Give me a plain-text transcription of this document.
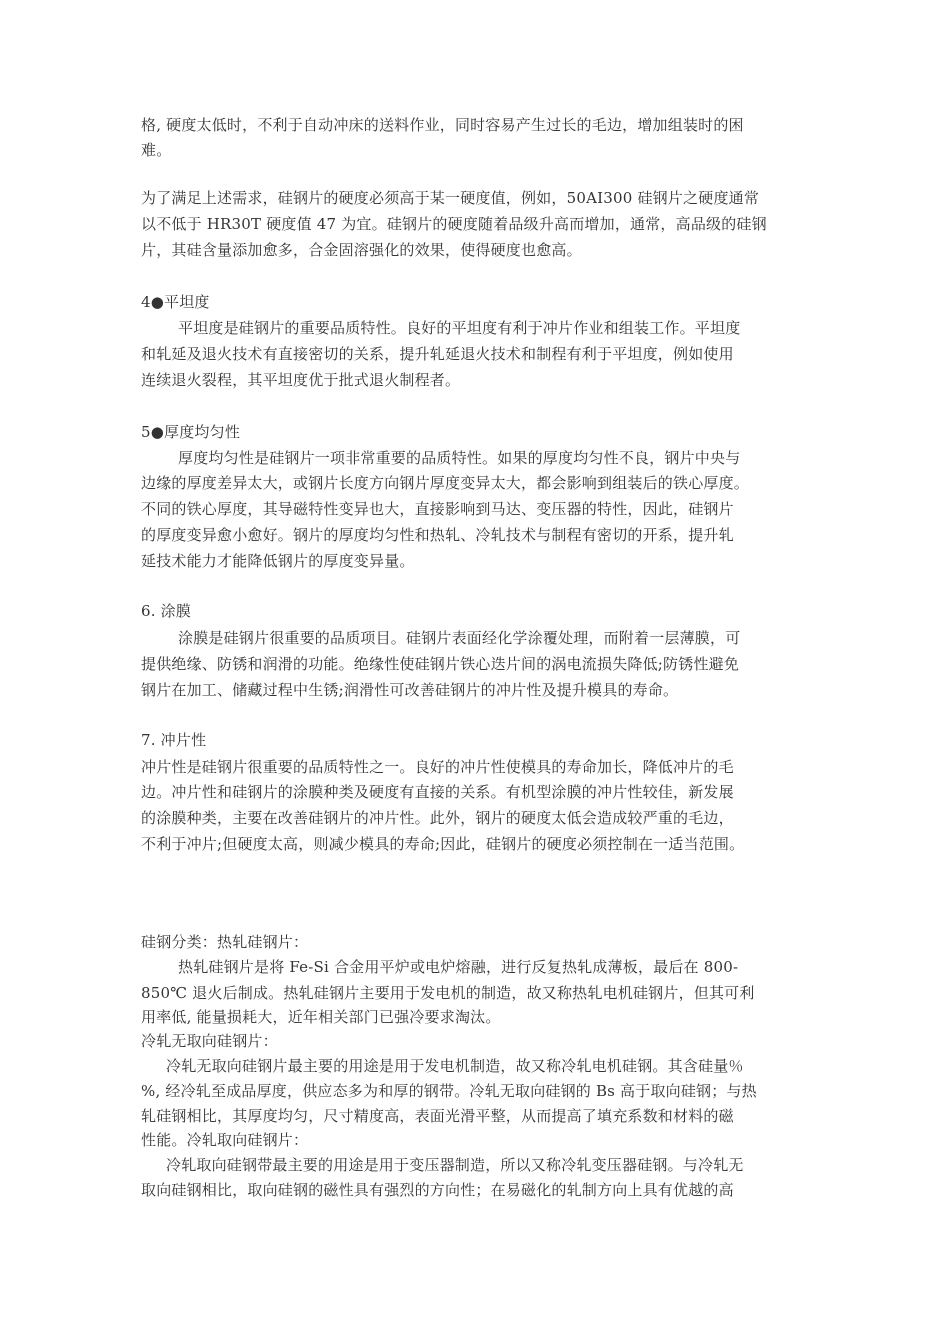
格, 硬度太低时，不利于自动冲床的送料作业，同时容易产生过长的毛边，增加组装时的困
难。
为了满足上述需求，硅钢片的硬度必须高于某一硬度值，例如，50AI300 硅钢片之硬度通常
以不低于 HR30T 硬度值 47 为宜。硅钢片的硬度随着品级升高而增加，通常，高品级的硅钢
片，其硅含量添加愈多，合金固溶强化的效果，使得硬度也愈高。
4●平坦度
平坦度是硅钢片的重要品质特性。良好的平坦度有利于冲片作业和组装工作。平坦度
和轧延及退火技术有直接密切的关系，提升轧延退火技术和制程有利于平坦度，例如使用
连续退火裂程，其平坦度优于批式退火制程者。
5●厚度均匀性
厚度均匀性是硅钢片一项非常重要的品质特性。如果的厚度均匀性不良，钢片中央与
边缘的厚度差异太大，或钢片长度方向钢片厚度变异太大，都会影响到组装后的铁心厚度。
不同的铁心厚度，其导磁特性变异也大，直接影响到马达、变压器的特性，因此，硅钢片
的厚度变异愈小愈好。钢片的厚度均匀性和热轧、冷轧技术与制程有密切的开系，提升轧
延技术能力才能降低钢片的厚度变异量。
6. 涂膜
涂膜是硅钢片很重要的品质项目。硅钢片表面经化学涂覆处理，而附着一层薄膜，可
提供绝缘、防锈和润滑的功能。绝缘性使硅钢片铁心迭片间的涡电流损失降低;防锈性避免
钢片在加工、储藏过程中生锈;润滑性可改善硅钢片的冲片性及提升模具的寿命。
7. 冲片性
冲片性是硅钢片很重要的品质特性之一。良好的冲片性使模具的寿命加长，降低冲片的毛
边。冲片性和硅钢片的涂膜种类及硬度有直接的关系。有机型涂膜的冲片性较佳，新发展
的涂膜种类，主要在改善硅钢片的冲片性。此外，钢片的硬度太低会造成较严重的毛边，
不利于冲片;但硬度太高，则减少模具的寿命;因此，硅钢片的硬度必须控制在一适当范围。
硅钢分类：热轧硅钢片：
热轧硅钢片是将 Fe-Si 合金用平炉或电炉熔融，进行反复热轧成薄板，最后在 800-
850℃ 退火后制成。热轧硅钢片主要用于发电机的制造，故又称热轧电机硅钢片，但其可利
用率低, 能量损耗大，近年相关部门已强冷要求淘汰。
冷轧无取向硅钢片：
冷轧无取向硅钢片最主要的用途是用于发电机制造，故又称冷轧电机硅钢。其含硅量％
%, 经冷轧至成品厚度，供应态多为和厚的钢带。冷轧无取向硅钢的 Bs 高于取向硅钢；与热
轧硅钢相比，其厚度均匀，尺寸精度高，表面光滑平整，从而提高了填充系数和材料的磁
性能。冷轧取向硅钢片：
冷轧取向硅钢带最主要的用途是用于变压器制造，所以又称冷轧变压器硅钢。与冷轧无
取向硅钢相比，取向硅钢的磁性具有强烈的方向性；在易磁化的轧制方向上具有优越的高
